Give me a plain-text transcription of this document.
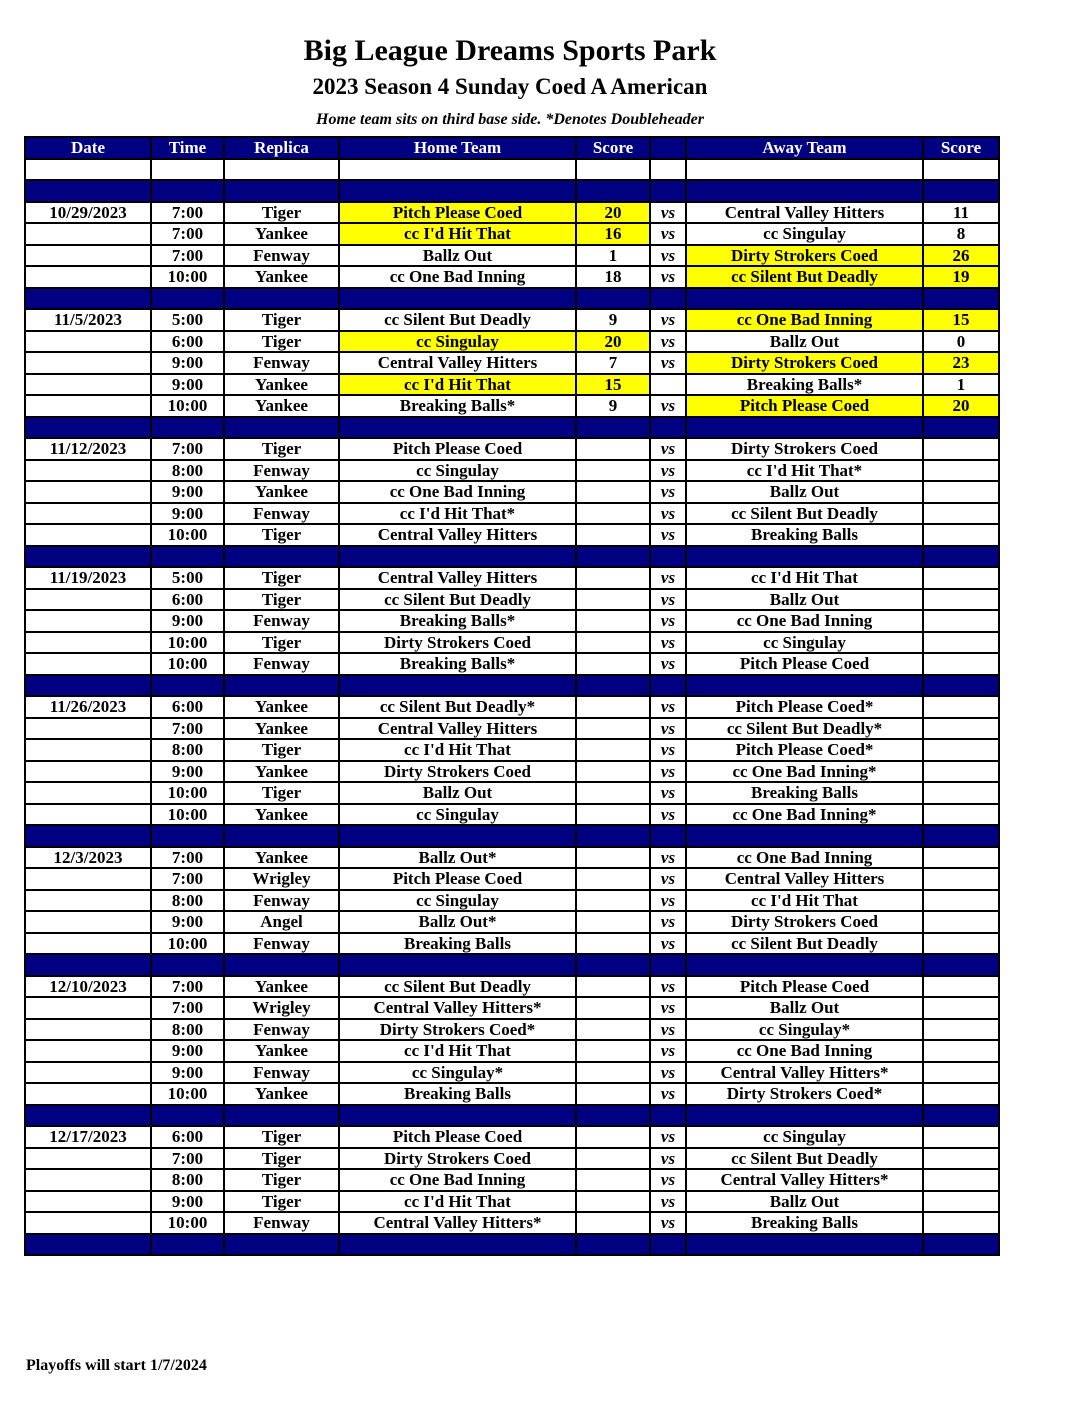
Big League Dreams Sports Park
2023 Season 4 Sunday Coed A American
Home team sits on third base side. *Denotes Doubleheader
Date	Time	Replica	Home Team	Score		Away Team	Score

10/29/2023	7:00	Tiger	Pitch Please Coed	20	vs	Central Valley Hitters	11
	7:00	Yankee	cc I'd Hit That	16	vs	cc Singulay	8
	7:00	Fenway	Ballz Out	1	vs	Dirty Strokers Coed	26
	10:00	Yankee	cc One Bad Inning	18	vs	cc Silent But Deadly	19

11/5/2023	5:00	Tiger	cc Silent But Deadly	9	vs	cc One Bad Inning	15
	6:00	Tiger	cc Singulay	20	vs	Ballz Out	0
	9:00	Fenway	Central Valley Hitters	7	vs	Dirty Strokers Coed	23
	9:00	Yankee	cc I'd Hit That	15		Breaking Balls*	1
	10:00	Yankee	Breaking Balls*	9	vs	Pitch Please Coed	20

11/12/2023	7:00	Tiger	Pitch Please Coed		vs	Dirty Strokers Coed	
	8:00	Fenway	cc Singulay		vs	cc I'd Hit That*	
	9:00	Yankee	cc One Bad Inning		vs	Ballz Out	
	9:00	Fenway	cc I'd Hit That*		vs	cc Silent But Deadly	
	10:00	Tiger	Central Valley Hitters		vs	Breaking Balls	

11/19/2023	5:00	Tiger	Central Valley Hitters		vs	cc I'd Hit That	
	6:00	Tiger	cc Silent But Deadly		vs	Ballz Out	
	9:00	Fenway	Breaking Balls*		vs	cc One Bad Inning	
	10:00	Tiger	Dirty Strokers Coed		vs	cc Singulay	
	10:00	Fenway	Breaking Balls*		vs	Pitch Please Coed	

11/26/2023	6:00	Yankee	cc Silent But Deadly*		vs	Pitch Please Coed*	
	7:00	Yankee	Central Valley Hitters		vs	cc Silent But Deadly*	
	8:00	Tiger	cc I'd Hit That		vs	Pitch Please Coed*	
	9:00	Yankee	Dirty Strokers Coed		vs	cc One Bad Inning*	
	10:00	Tiger	Ballz Out		vs	Breaking Balls	
	10:00	Yankee	cc Singulay		vs	cc One Bad Inning*	

12/3/2023	7:00	Yankee	Ballz Out*		vs	cc One Bad Inning	
	7:00	Wrigley	Pitch Please Coed		vs	Central Valley Hitters	
	8:00	Fenway	cc Singulay		vs	cc I'd Hit That	
	9:00	Angel	Ballz Out*		vs	Dirty Strokers Coed	
	10:00	Fenway	Breaking Balls		vs	cc Silent But Deadly	

12/10/2023	7:00	Yankee	cc Silent But Deadly		vs	Pitch Please Coed	
	7:00	Wrigley	Central Valley Hitters*		vs	Ballz Out	
	8:00	Fenway	Dirty Strokers Coed*		vs	cc Singulay*	
	9:00	Yankee	cc I'd Hit That		vs	cc One Bad Inning	
	9:00	Fenway	cc Singulay*		vs	Central Valley Hitters*	
	10:00	Yankee	Breaking Balls		vs	Dirty Strokers Coed*	

12/17/2023	6:00	Tiger	Pitch Please Coed		vs	cc Singulay	
	7:00	Tiger	Dirty Strokers Coed		vs	cc Silent But Deadly	
	8:00	Tiger	cc One Bad Inning		vs	Central Valley Hitters*	
	9:00	Tiger	cc I'd Hit That		vs	Ballz Out	
	10:00	Fenway	Central Valley Hitters*		vs	Breaking Balls	

Playoffs will start 1/7/2024
